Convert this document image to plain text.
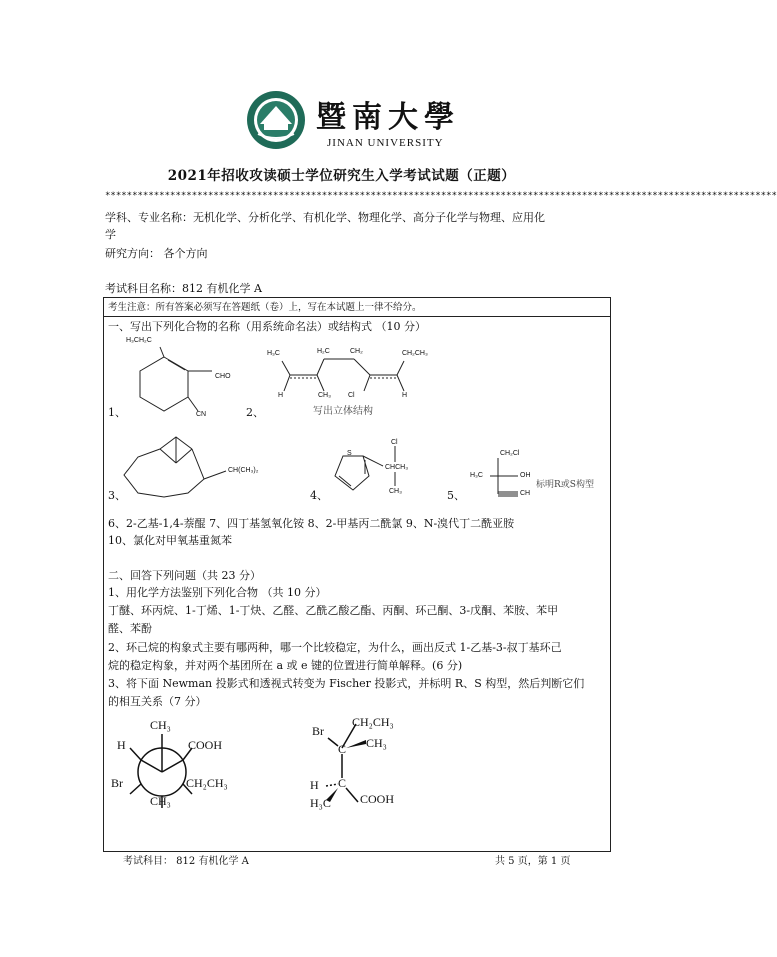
暨南大學
JINAN UNIVERSITY
2021年招收攻读硕士学位研究生入学考试试题（正题）
****************************************************************************************************************************
学科、专业名称：无机化学、分析化学、有机化学、物理化学、高分子化学与物理、应用化
学
研究方向： 各个方向
考试科目名称：812 有机化学 A
考生注意：所有答案必须写在答题纸（卷）上，写在本试题上一律不给分。
一、写出下列化合物的名称（用系统命名法）或结构式 （10 分）
1、	2、
3、	4、	5、
H₃CH₂C
CHO
CN
H₃C	H₂C	CH₂	CH₂CH₃
H	CH₃ Cl	H
写出立体结构
CH(CH₃)₂
S
Cl
CHCH₃
CH₃
CH₂Cl
H₃C	OH
CH
标明R或S构型
6、2-乙基-1,4-萘醌 7、四丁基氢氧化铵 8、2-甲基丙二酰氯 9、N-溴代丁二酰亚胺
10、氯化对甲氧基重氮苯
二、回答下列问题（共 23 分）
1、用化学方法鉴别下列化合物 （共 10 分）
丁醚、环丙烷、1-丁烯、1-丁炔、乙醛、乙酰乙酸乙酯、丙酮、环己酮、3-戊酮、苯胺、苯甲
醛、苯酚
2、环己烷的构象式主要有哪两种，哪一个比较稳定，为什么，画出反式 1-乙基-3-叔丁基环己
烷的稳定构象，并对两个基团所在 a 或 e 键的位置进行简单解释。(6 分)
3、将下面 Newman 投影式和透视式转变为 Fischer 投影式，并标明 R、S 构型，然后判断它们
的相互关系（7 分）
CH₃
H	COOH
Br	CH₂CH₃
CH₃
Br
C
CH₂CH₃
CH₃
H C
H₃C COOH
考试科目： 812 有机化学 A	共 5 页，第 1 页
